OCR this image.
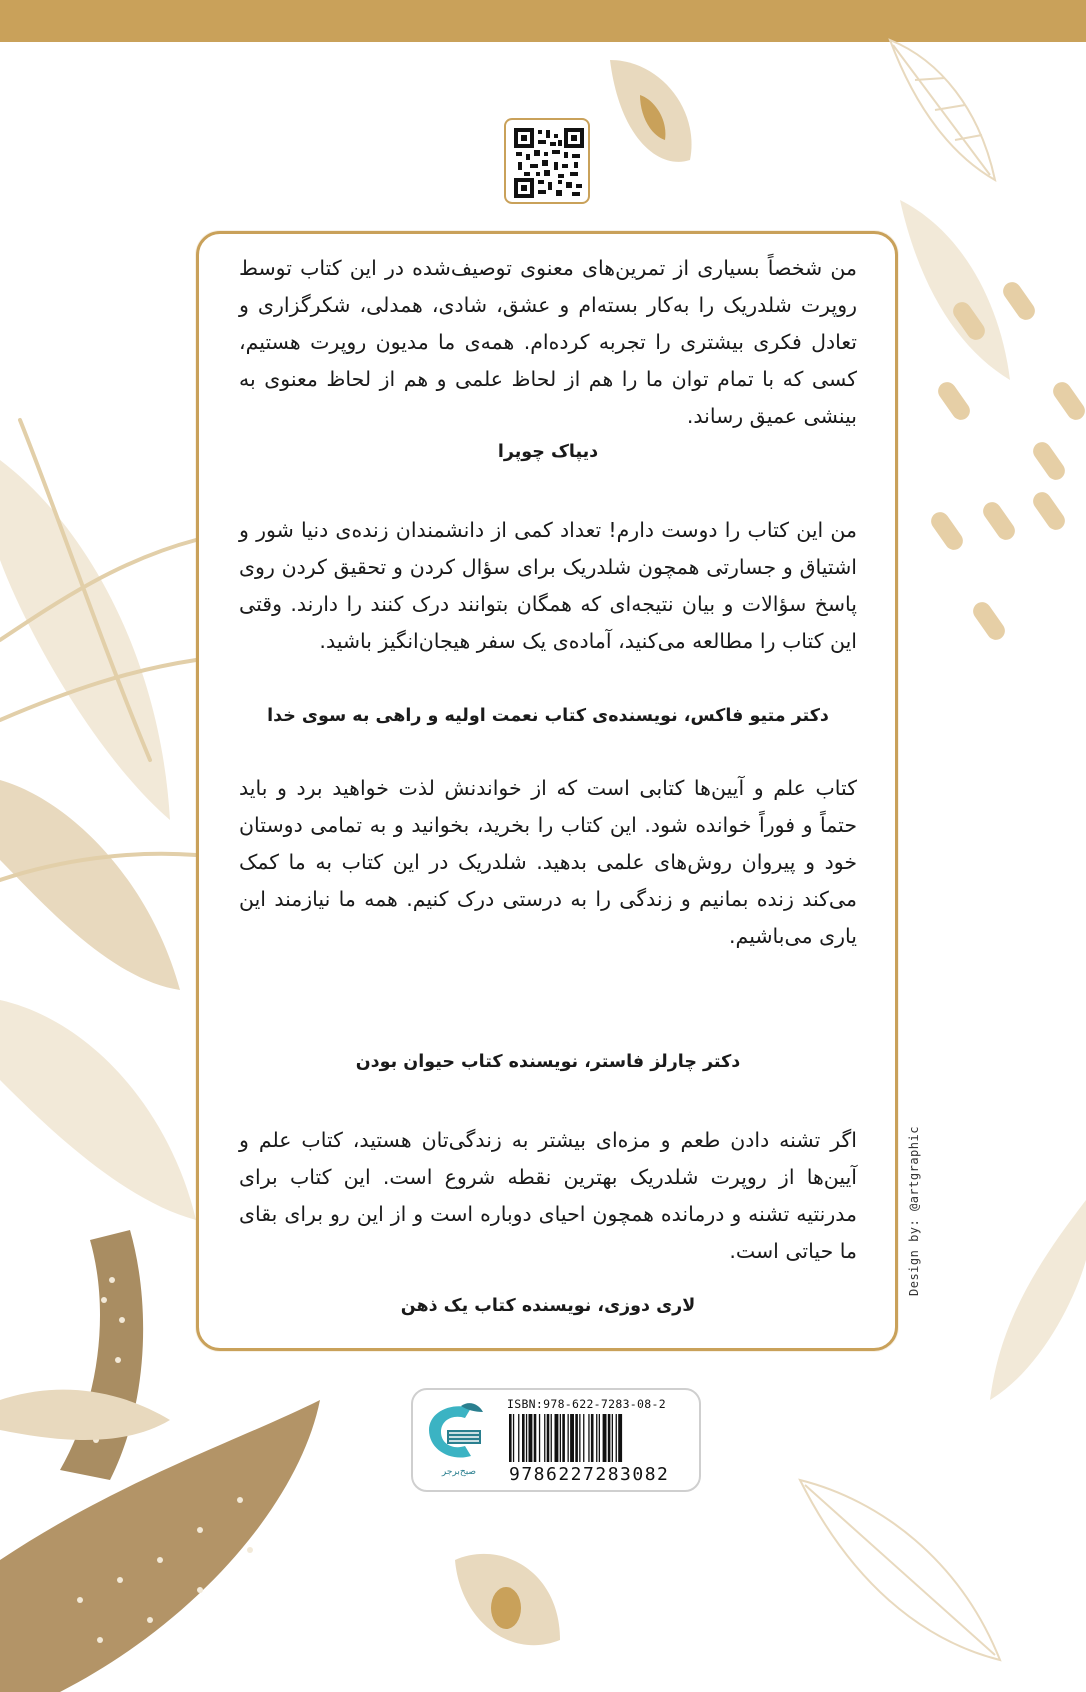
من شخصاً بسیاری از تمرین‌های معنوی توصیف‌شده در این کتاب توسط روپرت شلدریک را به‌کار بسته‌ام و عشق، شادی، همدلی، شکرگزاری و تعادل فکری بیشتری را تجربه کرده‌ام. همه‌ی ما مدیون روپرت هستیم، کسی که با تمام توان ما را هم از لحاظ علمی و هم از لحاظ معنوی به بینشی عمیق رساند.
دیپاک چوپرا
من این کتاب را دوست دارم! تعداد کمی از دانشمندان زنده‌ی دنیا شور و اشتیاق و جسارتی همچون شلدریک برای سؤال کردن و تحقیق کردن روی پاسخ سؤالات و بیان نتیجه‌ای که همگان بتوانند درک کنند را دارند. وقتی این کتاب را مطالعه می‌کنید، آماده‌ی یک سفر هیجان‌انگیز باشید.
دکتر متیو فاکس، نویسنده‌ی کتاب نعمت اولیه و راهی به سوی خدا
کتاب علم و آیین‌ها کتابی است که از خواندنش لذت خواهید برد و باید حتماً و فوراً خوانده شود. این کتاب را بخرید، بخوانید و به تمامی دوستان خود و پیروان روش‌های علمی بدهید. شلدریک در این کتاب به ما کمک می‌کند زنده بمانیم و زندگی را به درستی درک کنیم. همه ما نیازمند این یاری می‌باشیم.
دکتر چارلز فاستر، نویسنده کتاب حیوان بودن
اگر تشنه دادن طعم و مزه‌ای بیشتر به زندگی‌تان هستید، کتاب علم و آیین‌ها از روپرت شلدریک بهترین نقطه شروع است. این کتاب برای مدرنتیه تشنه و درمانده همچون احیای دوباره است و از این رو برای بقای ما حیاتی است.
لاری دوزی، نویسنده کتاب یک ذهن
صبح‌برجر
ISBN:978-622-7283-08-2
9786227283082
Design by: @artgraphic
